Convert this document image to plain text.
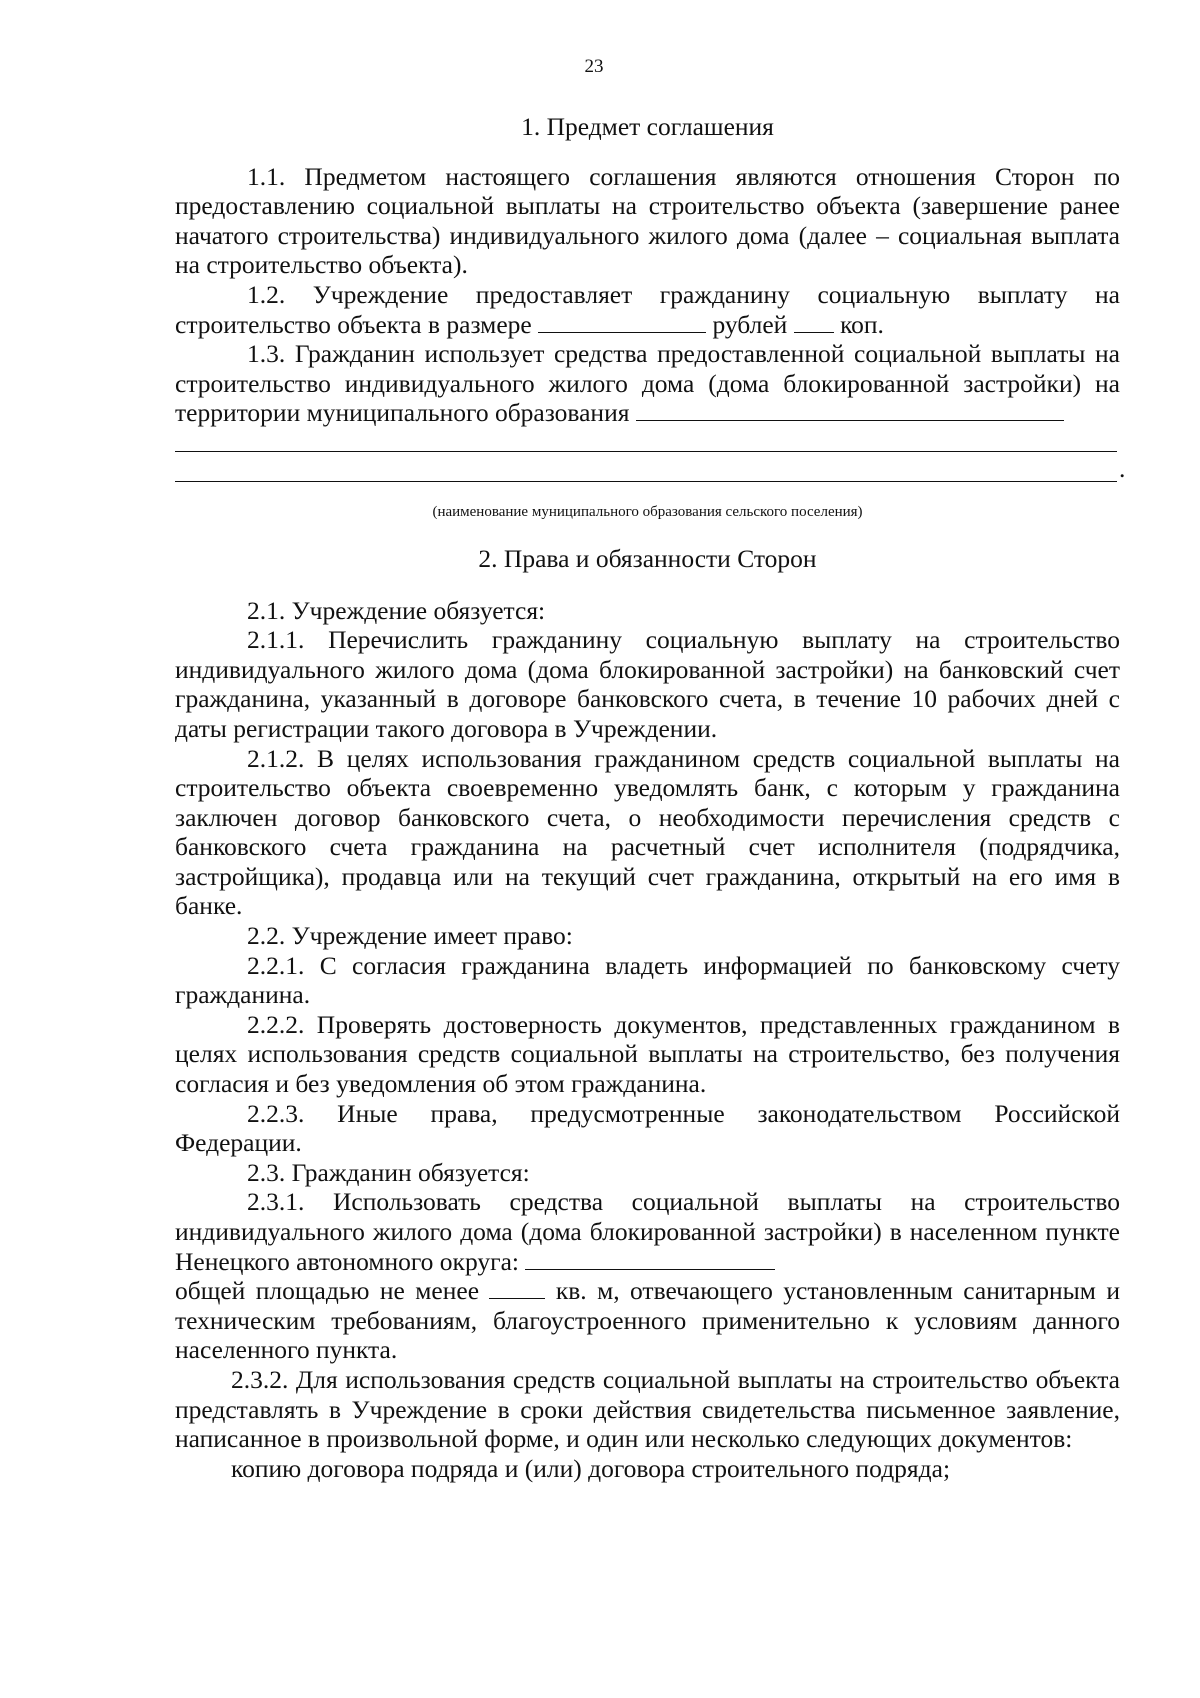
23
1. Предмет соглашения

1.1. Предметом настоящего соглашения являются отношения Сторон по предоставлению социальной выплаты на строительство объекта (завершение ранее начатого строительства) индивидуального жилого дома (далее – социальная выплата на строительство объекта).

1.2. Учреждение предоставляет гражданину социальную выплату на строительство объекта в размере	рублей коп.

1.3. Гражданин использует средства предоставленной социальной выплаты на строительство индивидуального жилого дома (дома блокированной застройки) на территории муниципального образования

.
(наименование муниципального образования сельского поселения)
2. Права и обязанности Сторон

2.1. Учреждение обязуется:

2.1.1. Перечислить гражданину социальную выплату на строительство индивидуального жилого дома (дома блокированной застройки) на банковский счет гражданина, указанный в договоре банковского счета, в течение 10 рабочих дней с даты регистрации такого договора в Учреждении.

2.1.2. В целях использования гражданином средств социальной выплаты на строительство объекта своевременно уведомлять банк, с которым у гражданина заключен договор банковского счета, о необходимости перечисления средств с банковского счета гражданина на расчетный счет исполнителя (подрядчика, застройщика), продавца или на текущий счет гражданина, открытый на его имя в банке.

2.2. Учреждение имеет право:

2.2.1. С согласия гражданина владеть информацией по банковскому счету гражданина.

2.2.2. Проверять достоверность документов, представленных гражданином в целях использования средств социальной выплаты на строительство, без получения согласия и без уведомления об этом гражданина.

2.2.3. Иные права, предусмотренные законодательством Российской Федерации.

2.3. Гражданин обязуется:

2.3.1. Использовать средства социальной выплаты на строительство индивидуального жилого дома (дома блокированной застройки) в населенном пункте Ненецкого автономного округа:

общей площадью не менее	кв. м, отвечающего установленным санитарным и техническим требованиям, благоустроенного применительно к условиям данного населенного пункта.

2.3.2. Для использования средств социальной выплаты на строительство объекта представлять в Учреждение в сроки действия свидетельства письменное заявление, написанное в произвольной форме, и один или несколько следующих документов:

копию договора подряда и (или) договора строительного подряда;
